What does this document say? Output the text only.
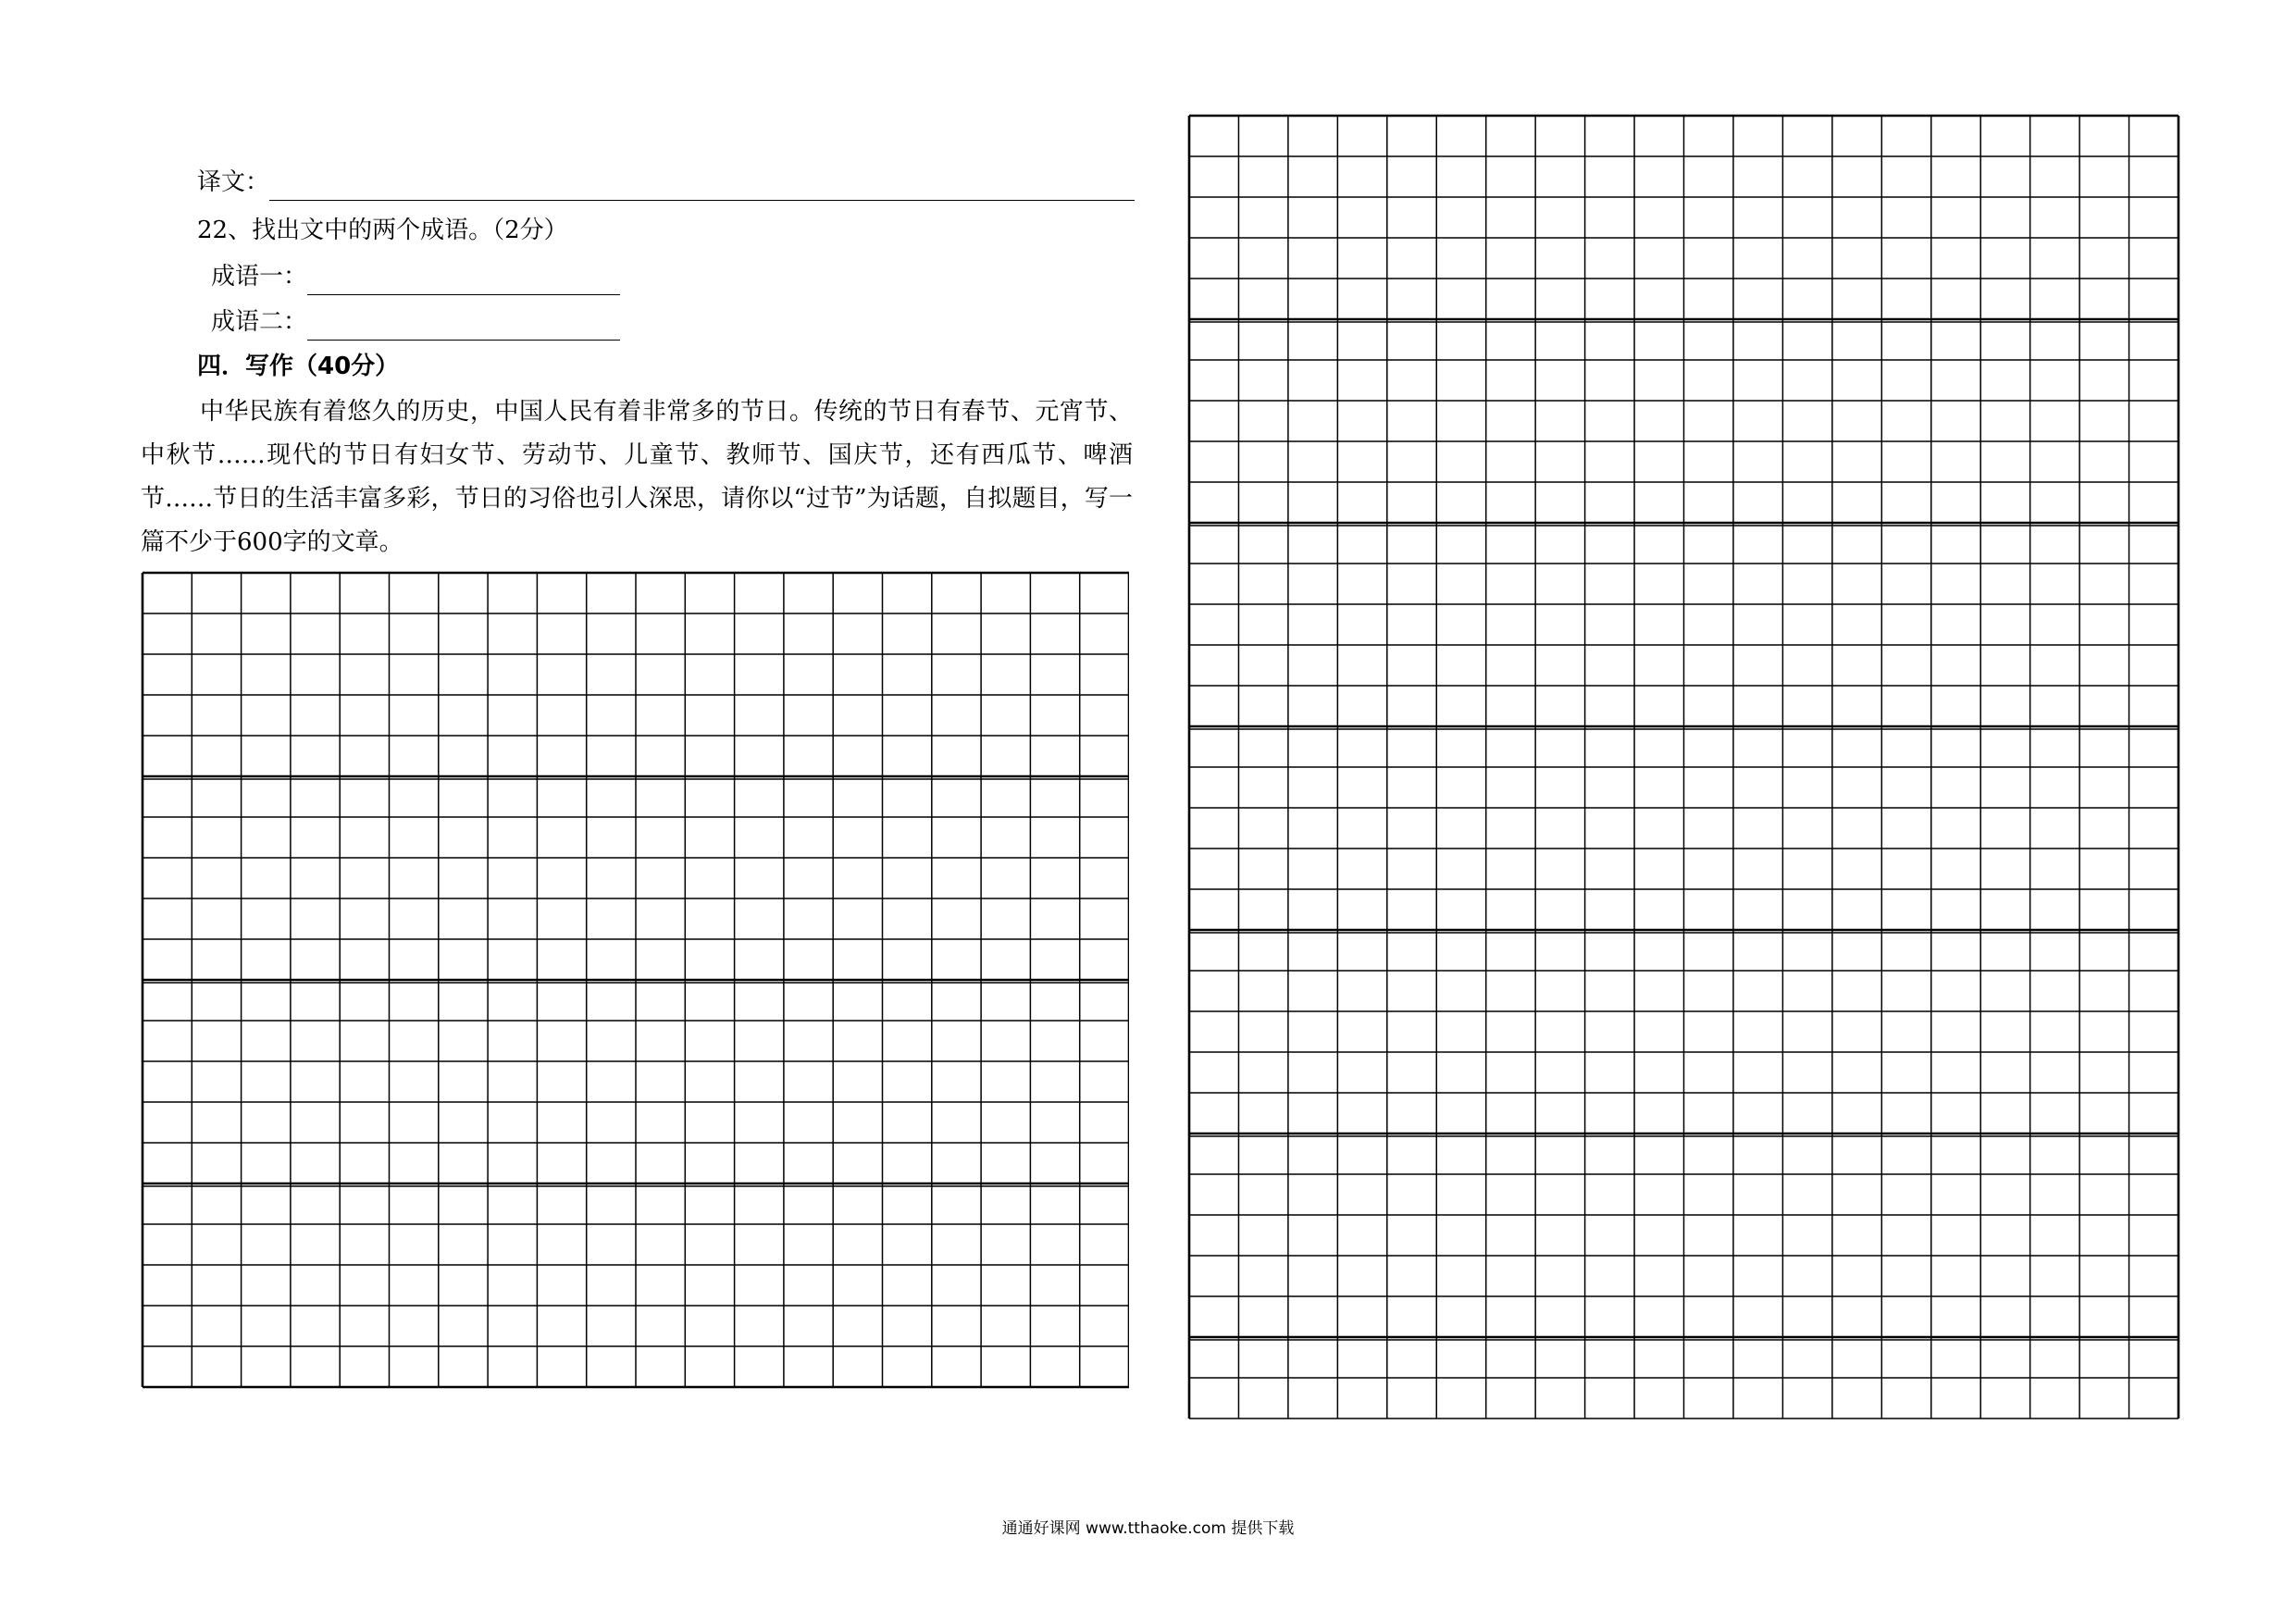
译文：
22、找出文中的两个成语。（2分）
成语一：
成语二：
四．写作（40分）
中华民族有着悠久的历史，中国人民有着非常多的节日。传统的节日有春节、元宵节、中秋节……现代的节日有妇女节、劳动节、儿童节、教师节、国庆节，还有西瓜节、啤酒节……节日的生活丰富多彩，节日的习俗也引人深思，请你以“过节”为话题，自拟题目，写一篇不少于600字的文章。
通通好课网 www.tthaoke.com 提供下载
